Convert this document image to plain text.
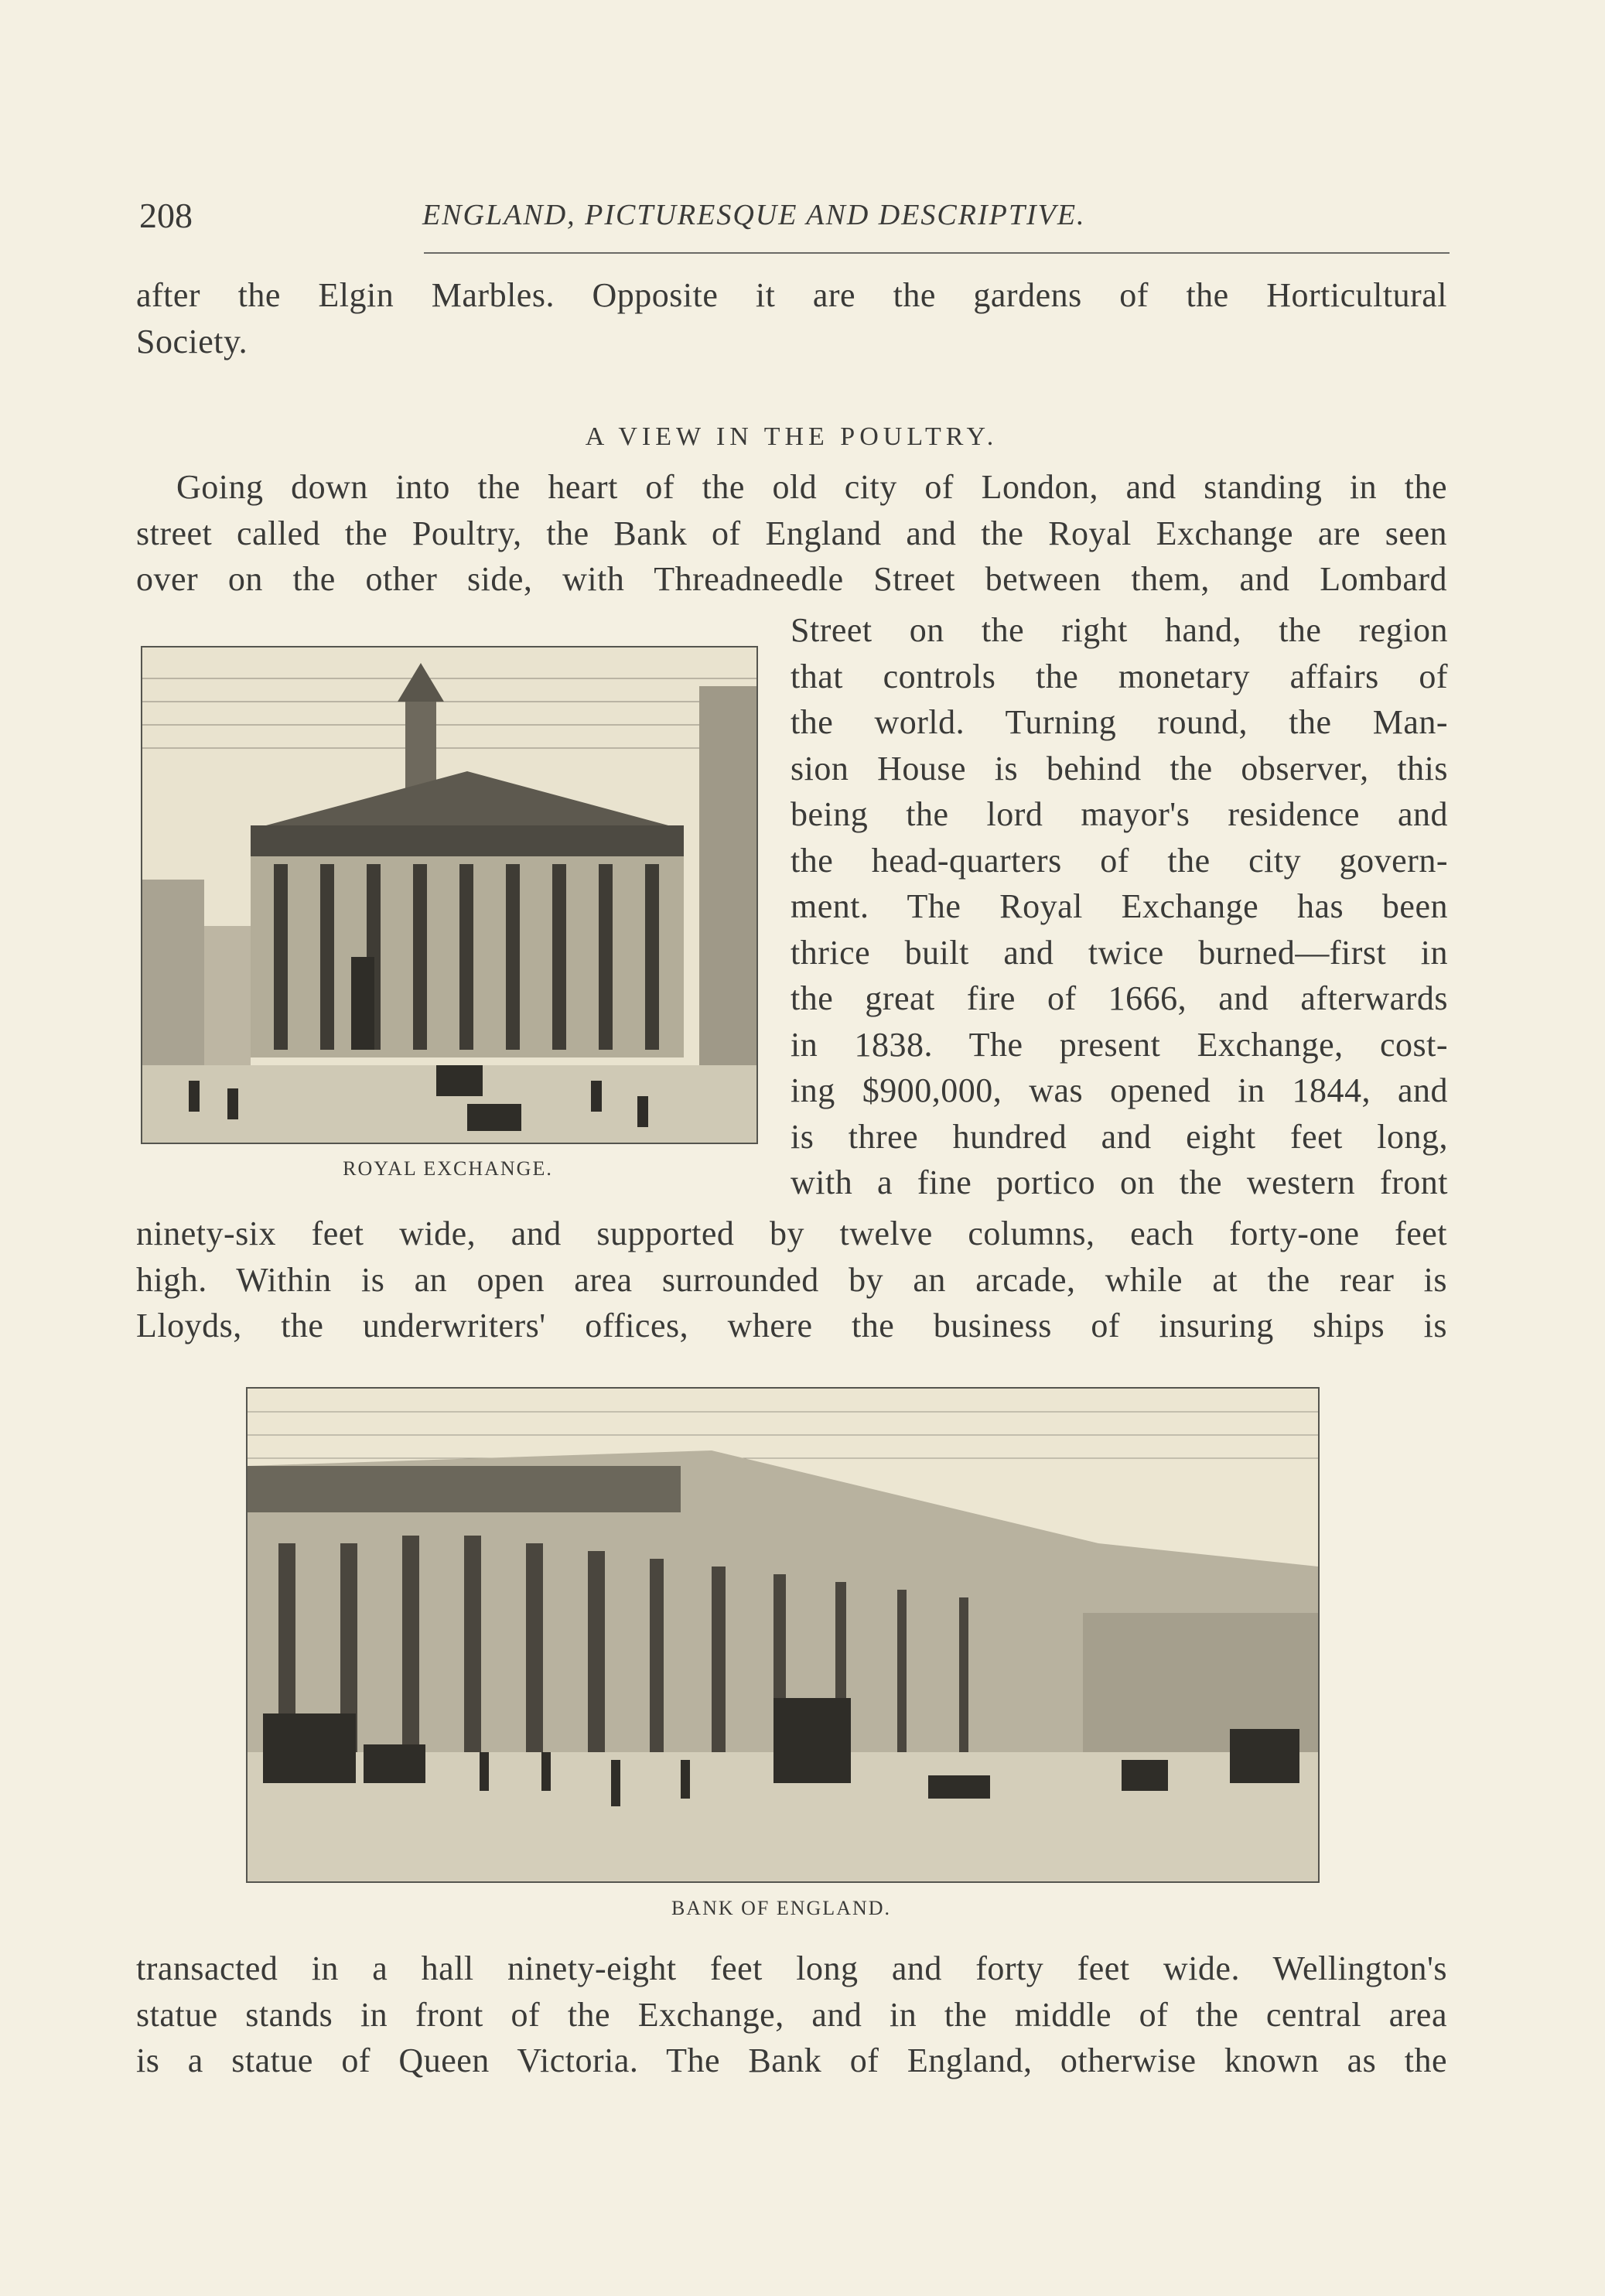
208	ENGLAND, PICTURESQUE AND DESCRIPTIVE.
after the Elgin Marbles. Opposite it are the gardens of the Horticultural
Society.
A VIEW IN THE POULTRY.
Going down into the heart of the old city of London, and standing in the
street called the Poultry, the Bank of England and the Royal Exchange are seen
over on the other side, with Threadneedle Street between them, and Lombard
Street on the right hand, the region
that controls the monetary affairs of
the world. Turning round, the Man-
sion House is behind the observer, this
being the lord mayor's residence and
the head-quarters of the city govern-
ment. The Royal Exchange has been
thrice built and twice burned—first in
the great fire of 1666, and afterwards
in 1838. The present Exchange, cost-
ing $900,000, was opened in 1844, and
is three hundred and eight feet long,
with a fine portico on the western front
ROYAL EXCHANGE.
ninety-six feet wide, and supported by twelve columns, each forty-one feet
high. Within is an open area surrounded by an arcade, while at the rear is
Lloyds, the underwriters' offices, where the business of insuring ships is
BANK OF ENGLAND.
transacted in a hall ninety-eight feet long and forty feet wide. Wellington's
statue stands in front of the Exchange, and in the middle of the central area
is a statue of Queen Victoria. The Bank of England, otherwise known as the
